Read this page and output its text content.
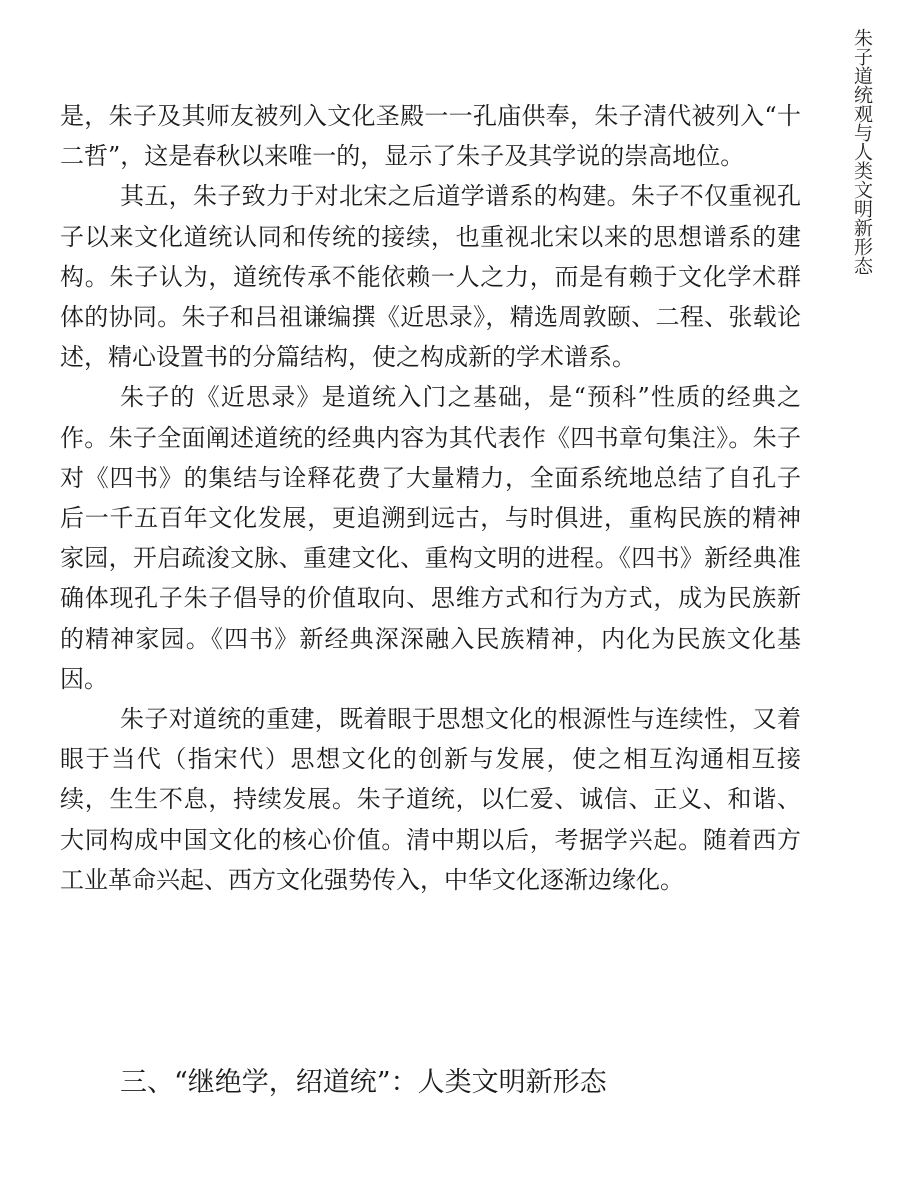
朱子道统观与人类文明新形态

是，朱子及其师友被列入文化圣殿一一孔庙供奉，朱子清代被列入“十二哲”，这是春秋以来唯一的，显示了朱子及其学说的崇高地位。

其五，朱子致力于对北宋之后道学谱系的构建。朱子不仅重视孔子以来文化道统认同和传统的接续，也重视北宋以来的思想谱系的建构。朱子认为，道统传承不能依赖一人之力，而是有赖于文化学术群体的协同。朱子和吕祖谦编撰《近思录》，精选周敦颐、二程、张载论述，精心设置书的分篇结构，使之构成新的学术谱系。

朱子的《近思录》是道统入门之基础，是“预科”性质的经典之作。朱子全面阐述道统的经典内容为其代表作《四书章句集注》。朱子对《四书》的集结与诠释花费了大量精力，全面系统地总结了自孔子后一千五百年文化发展，更追溯到远古，与时俱进，重构民族的精神家园，开启疏浚文脉、重建文化、重构文明的进程。《四书》新经典准确体现孔子朱子倡导的价值取向、思维方式和行为方式，成为民族新的精神家园。《四书》新经典深深融入民族精神，内化为民族文化基因。

朱子对道统的重建，既着眼于思想文化的根源性与连续性，又着眼于当代（指宋代）思想文化的创新与发展，使之相互沟通相互接续，生生不息，持续发展。朱子道统，以仁爱、诚信、正义、和谐、大同构成中国文化的核心价值。清中期以后，考据学兴起。随着西方工业革命兴起、西方文化强势传入，中华文化逐渐边缘化。

三、“继绝学，绍道统”：人类文明新形态
